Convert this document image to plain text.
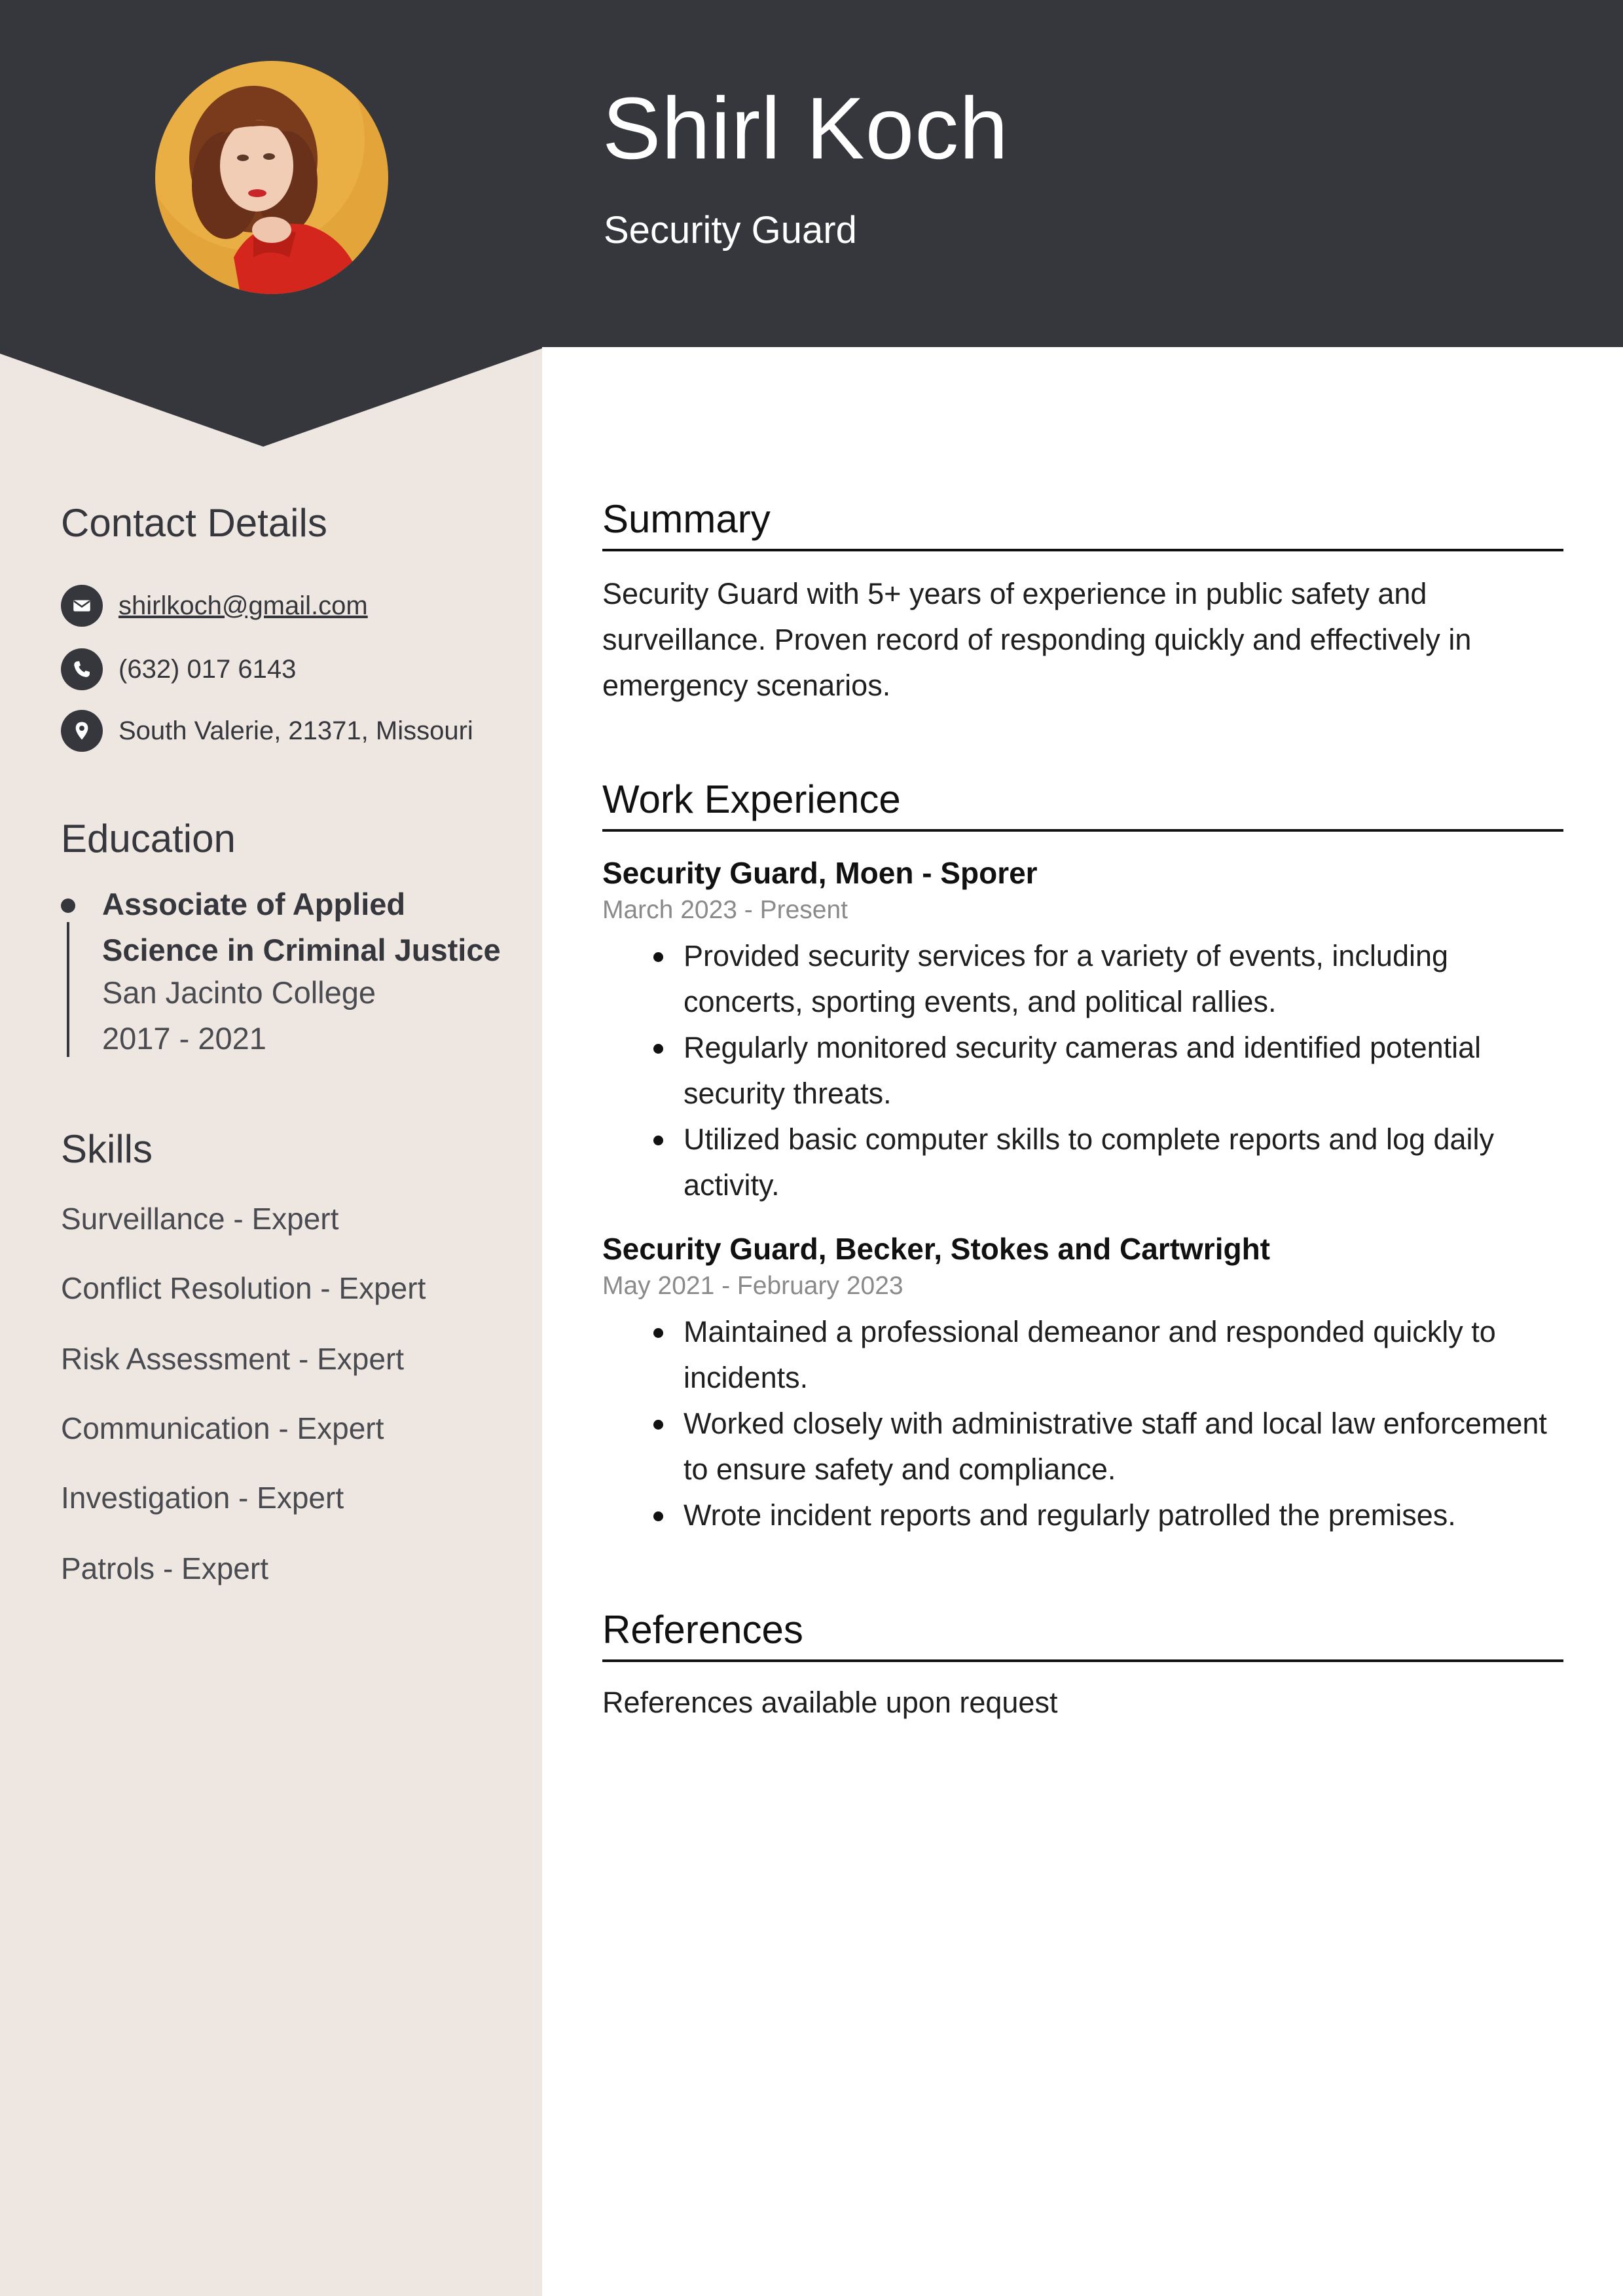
Shirl Koch
Security Guard
Contact Details
shirlkoch@gmail.com
(632) 017 6143
South Valerie, 21371, Missouri
Education
Associate of Applied Science in Criminal Justice
San Jacinto College
2017 - 2021
Skills
Surveillance - Expert
Conflict Resolution - Expert
Risk Assessment - Expert
Communication - Expert
Investigation - Expert
Patrols - Expert
Summary
Security Guard with 5+ years of experience in public safety and surveillance. Proven record of responding quickly and effectively in emergency scenarios.
Work Experience
Security Guard, Moen - Sporer
March 2023 - Present
Provided security services for a variety of events, including concerts, sporting events, and political rallies.
Regularly monitored security cameras and identified potential security threats.
Utilized basic computer skills to complete reports and log daily activity.
Security Guard, Becker, Stokes and Cartwright
May 2021 - February 2023
Maintained a professional demeanor and responded quickly to incidents.
Worked closely with administrative staff and local law enforcement to ensure safety and compliance.
Wrote incident reports and regularly patrolled the premises.
References
References available upon request
